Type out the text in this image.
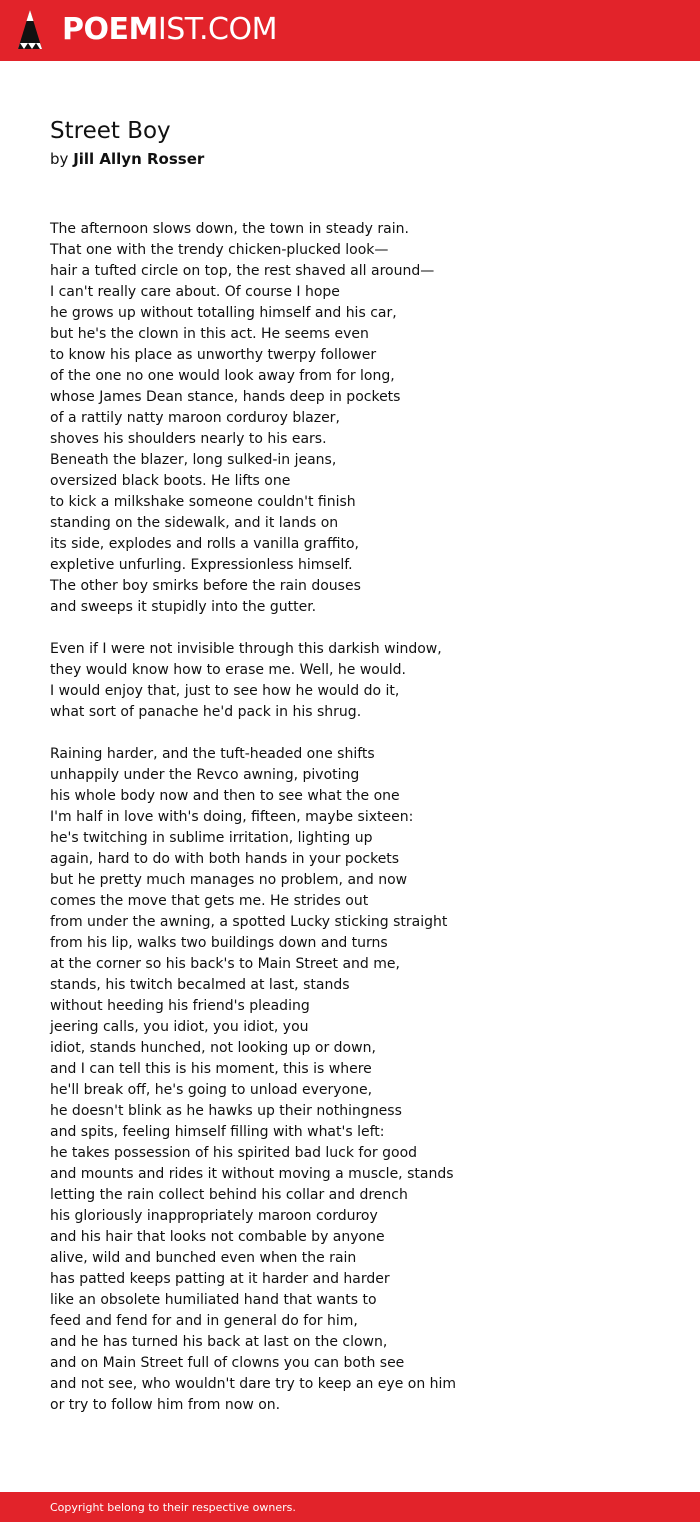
POEMIST.COM
Street Boy
by Jill Allyn Rosser
The afternoon slows down, the town in steady rain.
That one with the trendy chicken-plucked look—
hair a tufted circle on top, the rest shaved all around—
I can't really care about. Of course I hope
he grows up without totalling himself and his car,
but he's the clown in this act. He seems even
to know his place as unworthy twerpy follower
of the one no one would look away from for long,
whose James Dean stance, hands deep in pockets
of a rattily natty maroon corduroy blazer,
shoves his shoulders nearly to his ears.
Beneath the blazer, long sulked-in jeans,
oversized black boots. He lifts one
to kick a milkshake someone couldn't finish
standing on the sidewalk, and it lands on
its side, explodes and rolls a vanilla graffito,
expletive unfurling. Expressionless himself.
The other boy smirks before the rain douses
and sweeps it stupidly into the gutter.
Even if I were not invisible through this darkish window,
they would know how to erase me. Well, he would.
I would enjoy that, just to see how he would do it,
what sort of panache he'd pack in his shrug.
Raining harder, and the tuft-headed one shifts
unhappily under the Revco awning, pivoting
his whole body now and then to see what the one
I'm half in love with's doing, fifteen, maybe sixteen:
he's twitching in sublime irritation, lighting up
again, hard to do with both hands in your pockets
but he pretty much manages no problem, and now
comes the move that gets me. He strides out
from under the awning, a spotted Lucky sticking straight
from his lip, walks two buildings down and turns
at the corner so his back's to Main Street and me,
stands, his twitch becalmed at last, stands
without heeding his friend's pleading
jeering calls, you idiot, you idiot, you
idiot, stands hunched, not looking up or down,
and I can tell this is his moment, this is where
he'll break off, he's going to unload everyone,
he doesn't blink as he hawks up their nothingness
and spits, feeling himself filling with what's left:
he takes possession of his spirited bad luck for good
and mounts and rides it without moving a muscle, stands
letting the rain collect behind his collar and drench
his gloriously inappropriately maroon corduroy
and his hair that looks not combable by anyone
alive, wild and bunched even when the rain
has patted keeps patting at it harder and harder
like an obsolete humiliated hand that wants to
feed and fend for and in general do for him,
and he has turned his back at last on the clown,
and on Main Street full of clowns you can both see
and not see, who wouldn't dare try to keep an eye on him
or try to follow him from now on.
Copyright belong to their respective owners.
